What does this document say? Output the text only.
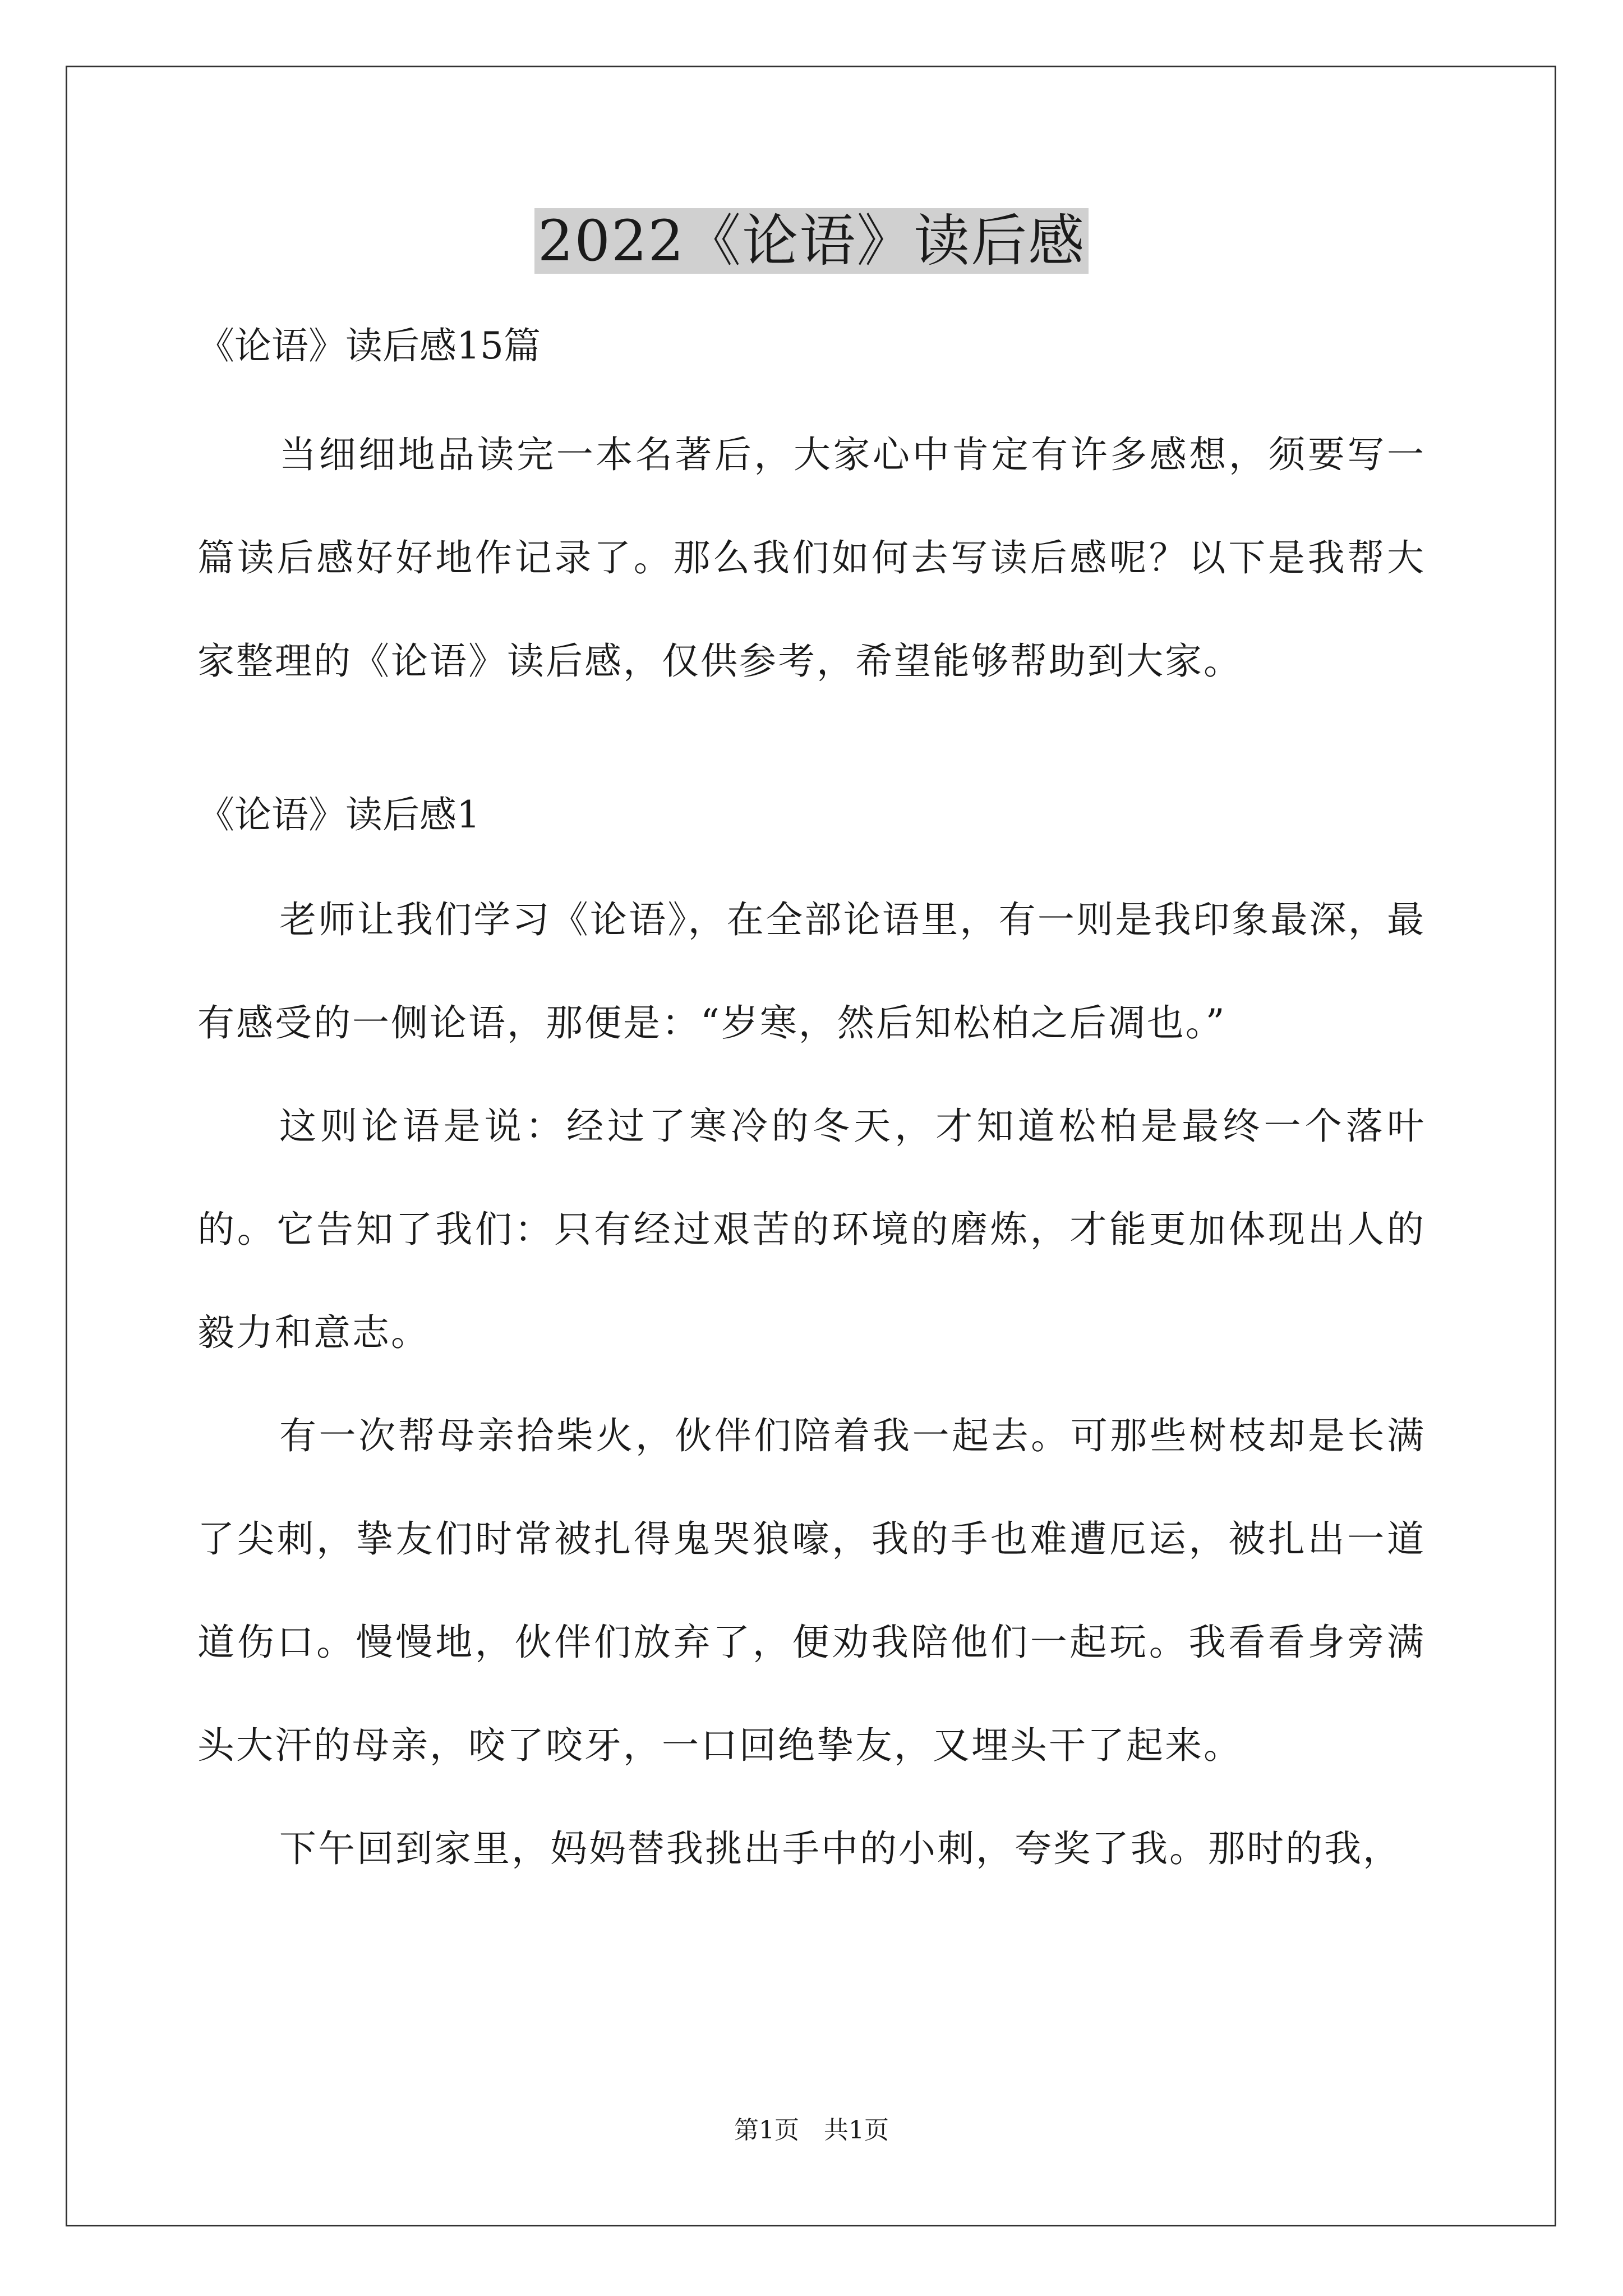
2022《论语》读后感

《论语》读后感15篇

当细细地品读完一本名著后，大家心中肯定有许多感想，须要写一篇读后感好好地作记录了。那么我们如何去写读后感呢？以下是我帮大家整理的《论语》读后感，仅供参考，希望能够帮助到大家。

《论语》读后感1

老师让我们学习《论语》，在全部论语里，有一则是我印象最深，最有感受的一侧论语，那便是：“岁寒，然后知松柏之后凋也。”

这则论语是说：经过了寒冷的冬天，才知道松柏是最终一个落叶的。它告知了我们：只有经过艰苦的环境的磨炼，才能更加体现出人的毅力和意志。

有一次帮母亲拾柴火，伙伴们陪着我一起去。可那些树枝却是长满了尖刺，挚友们时常被扎得鬼哭狼嚎，我的手也难遭厄运，被扎出一道道伤口。慢慢地，伙伴们放弃了，便劝我陪他们一起玩。我看看身旁满头大汗的母亲，咬了咬牙，一口回绝挚友，又埋头干了起来。

下午回到家里，妈妈替我挑出手中的小刺，夸奖了我。那时的我，

第1页　共1页
